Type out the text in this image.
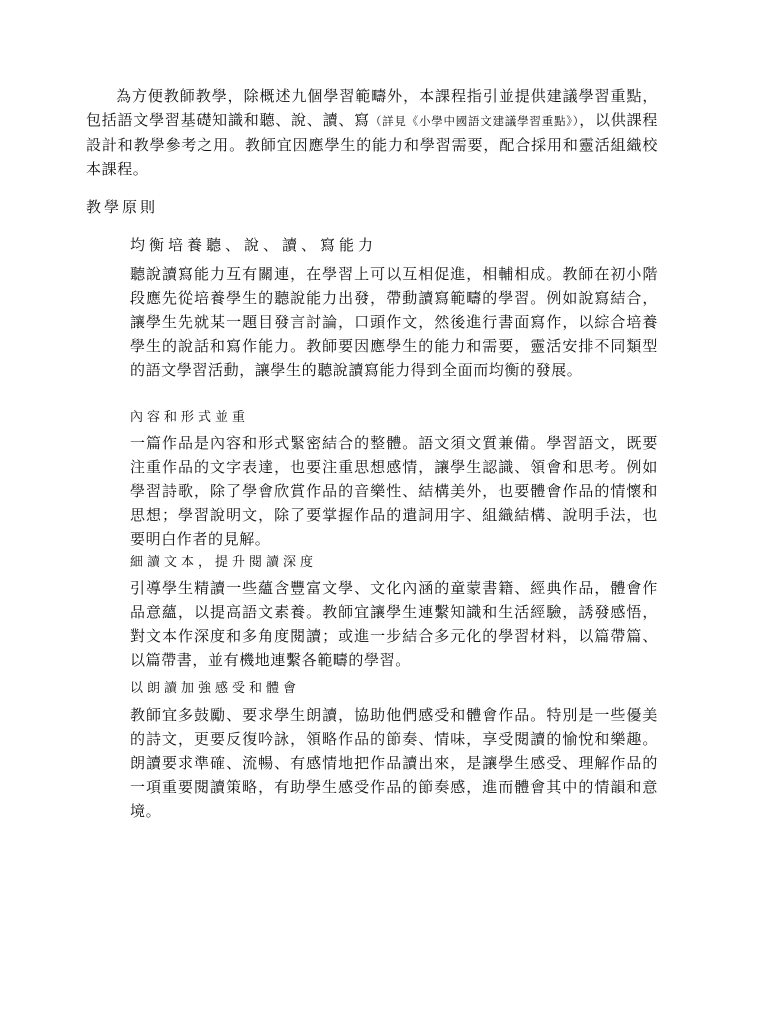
為方便教師教學，除概述九個學習範疇外，本課程指引並提供建議學習重點，包括語文學習基礎知識和聽、說、讀、寫（詳見《小學中國語文建議學習重點》），以供課程設計和教學參考之用。教師宜因應學生的能力和學習需要，配合採用和靈活組織校本課程。

教學原則
均衡培養聽、說、讀、寫能力

聽說讀寫能力互有關連，在學習上可以互相促進，相輔相成。教師在初小階段應先從培養學生的聽說能力出發，帶動讀寫範疇的學習。例如說寫結合，讓學生先就某一題目發言討論，口頭作文，然後進行書面寫作，以綜合培養學生的說話和寫作能力。教師要因應學生的能力和需要，靈活安排不同類型的語文學習活動，讓學生的聽說讀寫能力得到全面而均衡的發展。

內容和形式並重

一篇作品是內容和形式緊密結合的整體。語文須文質兼備。學習語文，既要注重作品的文字表達，也要注重思想感情，讓學生認識、領會和思考。例如學習詩歌，除了學會欣賞作品的音樂性、結構美外，也要體會作品的情懷和思想；學習說明文，除了要掌握作品的遣詞用字、組織結構、說明手法，也要明白作者的見解。

細讀文本，提升閱讀深度

引導學生精讀一些蘊含豐富文學、文化內涵的童蒙書籍、經典作品，體會作品意蘊，以提高語文素養。教師宜讓學生連繫知識和生活經驗，誘發感悟，對文本作深度和多角度閱讀；或進一步結合多元化的學習材料，以篇帶篇、以篇帶書，並有機地連繫各範疇的學習。

以朗讀加強感受和體會

教師宜多鼓勵、要求學生朗讀，協助他們感受和體會作品。特別是一些優美的詩文，更要反復吟詠，領略作品的節奏、情味，享受閱讀的愉悅和樂趣。朗讀要求準確、流暢、有感情地把作品讀出來，是讓學生感受、理解作品的一項重要閱讀策略，有助學生感受作品的節奏感，進而體會其中的情韻和意境。
